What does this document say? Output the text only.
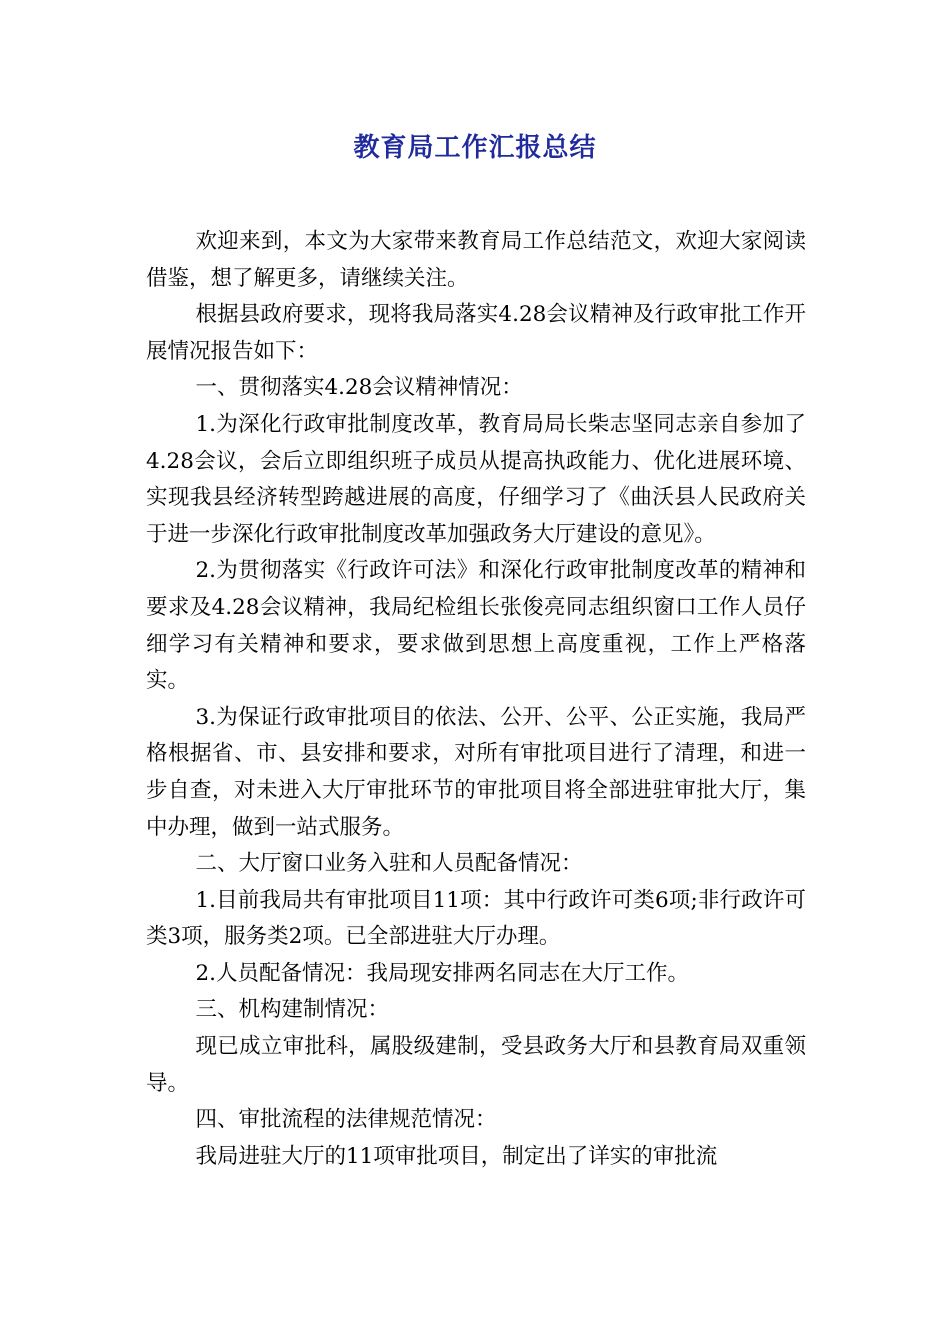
教育局工作汇报总结

欢迎来到，本文为大家带来教育局工作总结范文，欢迎大家阅读借鉴，想了解更多，请继续关注。

根据县政府要求，现将我局落实4.28会议精神及行政审批工作开展情况报告如下：

一、贯彻落实4.28会议精神情况：

1.为深化行政审批制度改革，教育局局长柴志坚同志亲自参加了4.28会议，会后立即组织班子成员从提高执政能力、优化进展环境、实现我县经济转型跨越进展的高度，仔细学习了《曲沃县人民政府关于进一步深化行政审批制度改革加强政务大厅建设的意见》。

2.为贯彻落实《行政许可法》和深化行政审批制度改革的精神和要求及4.28会议精神，我局纪检组长张俊亮同志组织窗口工作人员仔细学习有关精神和要求，要求做到思想上高度重视，工作上严格落实。

3.为保证行政审批项目的依法、公开、公平、公正实施，我局严格根据省、市、县安排和要求，对所有审批项目进行了清理，和进一步自查，对未进入大厅审批环节的审批项目将全部进驻审批大厅，集中办理，做到一站式服务。

二、大厅窗口业务入驻和人员配备情况：

1.目前我局共有审批项目11项：其中行政许可类6项;非行政许可类3项，服务类2项。已全部进驻大厅办理。

2.人员配备情况：我局现安排两名同志在大厅工作。

三、机构建制情况：

现已成立审批科，属股级建制，受县政务大厅和县教育局双重领导。

四、审批流程的法律规范情况：

我局进驻大厅的11项审批项目，制定出了详实的审批流
